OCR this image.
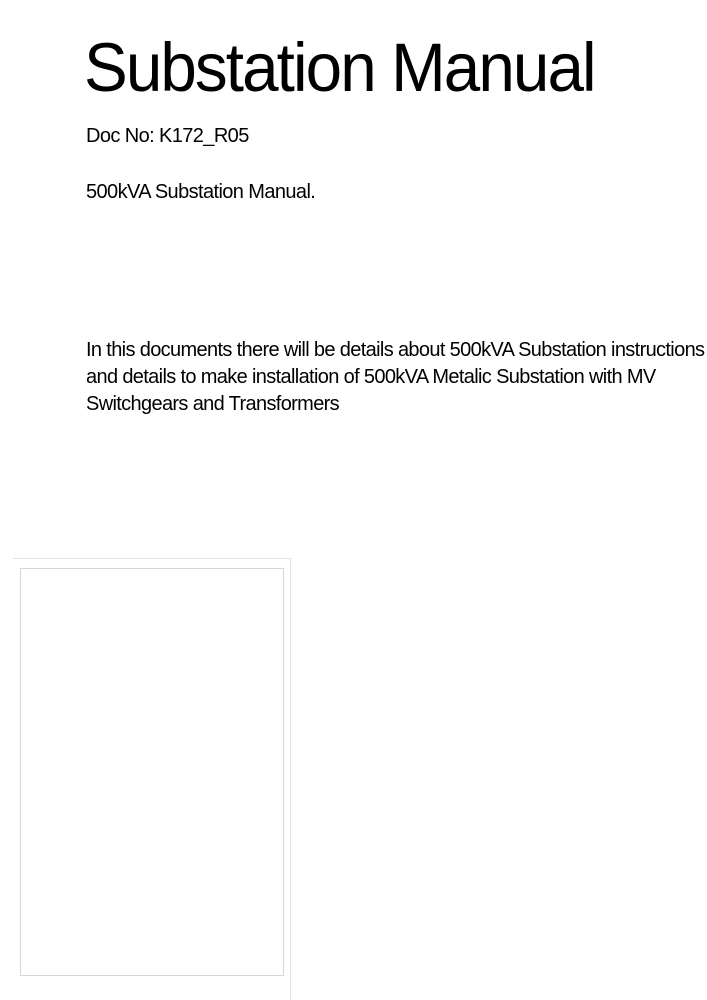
Substation Manual

Doc No: K172_R05

500kVA Substation Manual.

In this documents there will be details about 500kVA Substation instructions
and details to make installation of 500kVA Metalic Substation with MV
Switchgears and Transformers
